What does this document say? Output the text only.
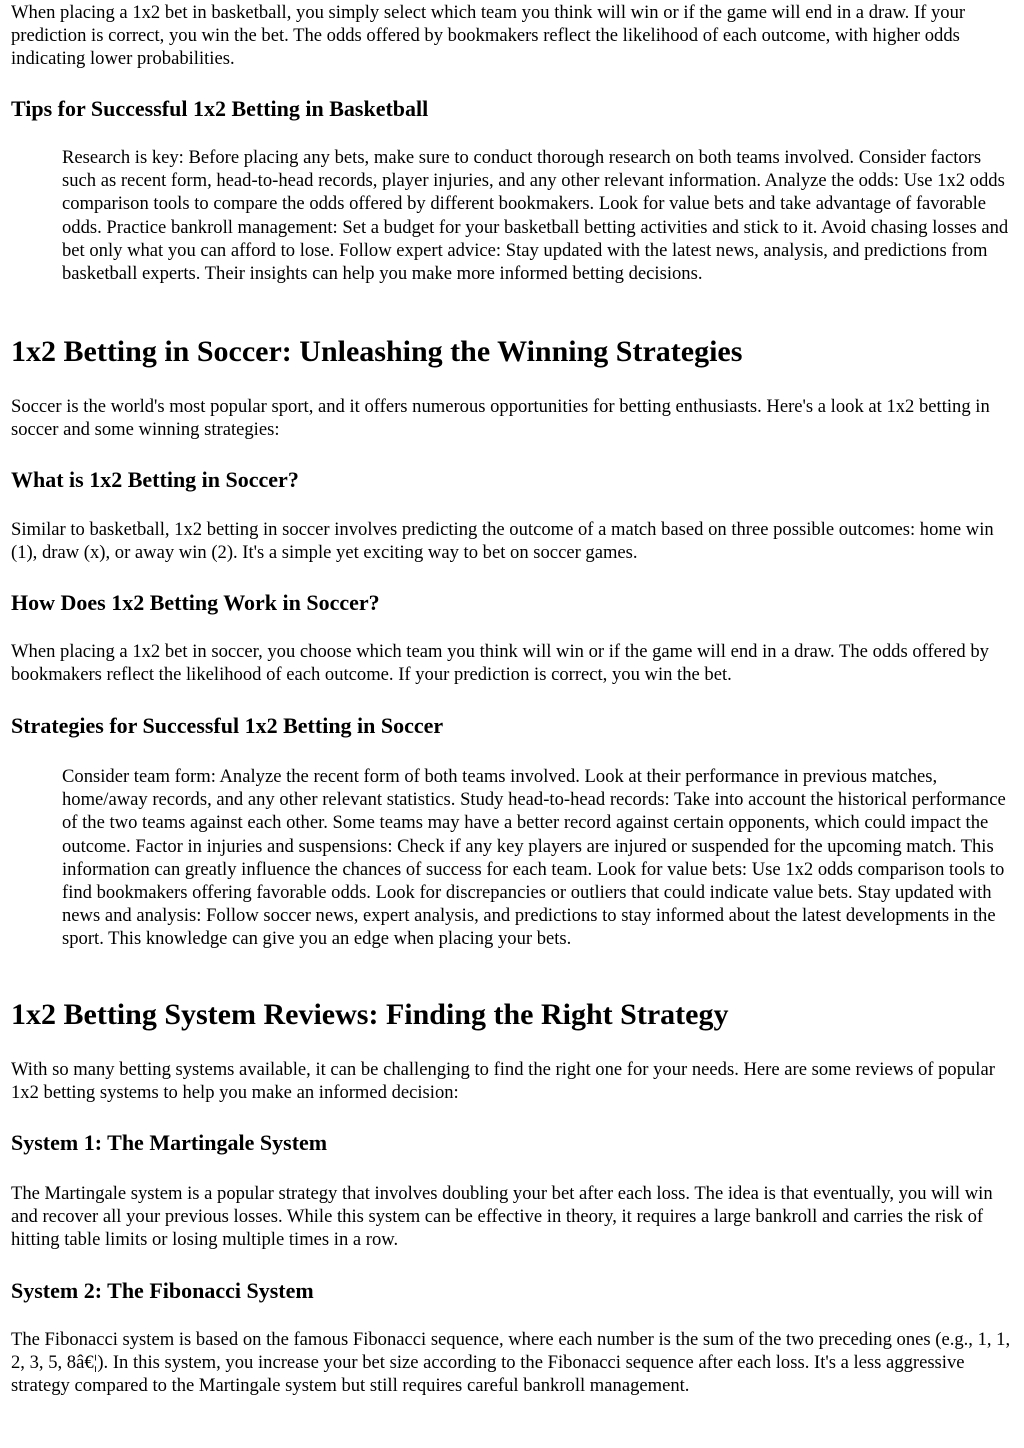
When placing a 1x2 bet in basketball, you simply select which team you think will win or if the game will end in a draw. If your prediction is correct, you win the bet. The odds offered by bookmakers reflect the likelihood of each outcome, with higher odds indicating lower probabilities.

Tips for Successful 1x2 Betting in Basketball

Research is key: Before placing any bets, make sure to conduct thorough research on both teams involved. Consider factors such as recent form, head-to-head records, player injuries, and any other relevant information. Analyze the odds: Use 1x2 odds comparison tools to compare the odds offered by different bookmakers. Look for value bets and take advantage of favorable odds. Practice bankroll management: Set a budget for your basketball betting activities and stick to it. Avoid chasing losses and bet only what you can afford to lose. Follow expert advice: Stay updated with the latest news, analysis, and predictions from basketball experts. Their insights can help you make more informed betting decisions.

1x2 Betting in Soccer: Unleashing the Winning Strategies

Soccer is the world's most popular sport, and it offers numerous opportunities for betting enthusiasts. Here's a look at 1x2 betting in soccer and some winning strategies:

What is 1x2 Betting in Soccer?

Similar to basketball, 1x2 betting in soccer involves predicting the outcome of a match based on three possible outcomes: home win (1), draw (x), or away win (2). It's a simple yet exciting way to bet on soccer games.

How Does 1x2 Betting Work in Soccer?

When placing a 1x2 bet in soccer, you choose which team you think will win or if the game will end in a draw. The odds offered by bookmakers reflect the likelihood of each outcome. If your prediction is correct, you win the bet.

Strategies for Successful 1x2 Betting in Soccer

Consider team form: Analyze the recent form of both teams involved. Look at their performance in previous matches, home/away records, and any other relevant statistics. Study head-to-head records: Take into account the historical performance of the two teams against each other. Some teams may have a better record against certain opponents, which could impact the outcome. Factor in injuries and suspensions: Check if any key players are injured or suspended for the upcoming match. This information can greatly influence the chances of success for each team. Look for value bets: Use 1x2 odds comparison tools to find bookmakers offering favorable odds. Look for discrepancies or outliers that could indicate value bets. Stay updated with news and analysis: Follow soccer news, expert analysis, and predictions to stay informed about the latest developments in the sport. This knowledge can give you an edge when placing your bets.

1x2 Betting System Reviews: Finding the Right Strategy

With so many betting systems available, it can be challenging to find the right one for your needs. Here are some reviews of popular 1x2 betting systems to help you make an informed decision:

System 1: The Martingale System

The Martingale system is a popular strategy that involves doubling your bet after each loss. The idea is that eventually, you will win and recover all your previous losses. While this system can be effective in theory, it requires a large bankroll and carries the risk of hitting table limits or losing multiple times in a row.

System 2: The Fibonacci System

The Fibonacci system is based on the famous Fibonacci sequence, where each number is the sum of the two preceding ones (e.g., 1, 1, 2, 3, 5, 8â€¦). In this system, you increase your bet size according to the Fibonacci sequence after each loss. It's a less aggressive strategy compared to the Martingale system but still requires careful bankroll management.
